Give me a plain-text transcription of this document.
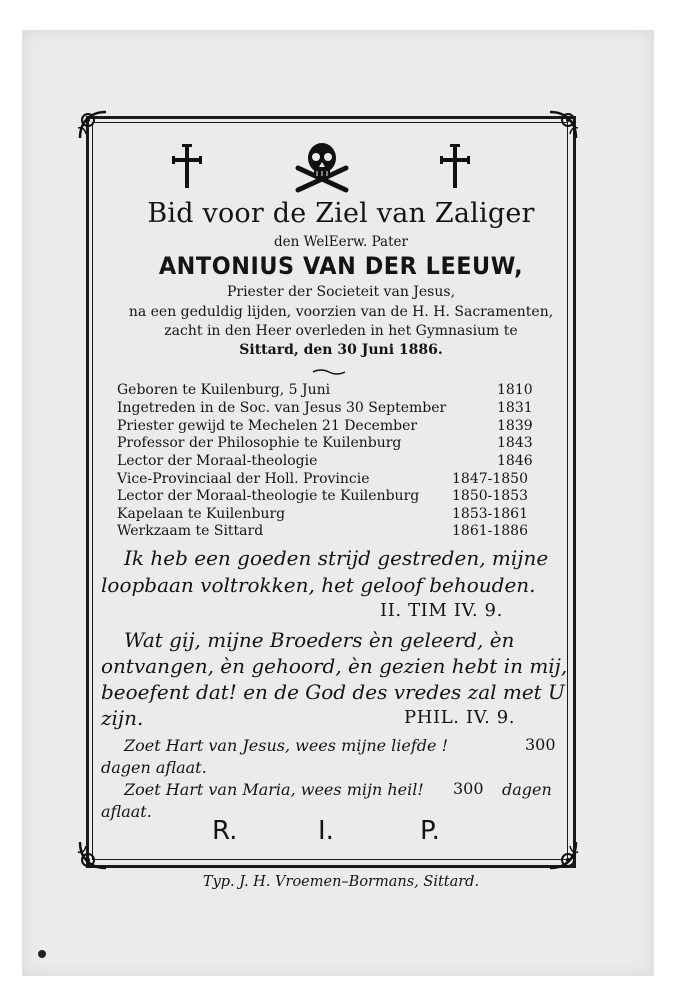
Bid voor de Ziel van Zaliger
den WelEerw. Pater
ANTONIUS VAN DER LEEUW,
Priester der Societeit van Jesus,
na een geduldig lijden, voorzien van de H. H. Sacramenten,
zacht in den Heer overleden in het Gymnasium te
Sittard, den 30 Juni 1886.
Geboren te Kuilenburg, 5 Juni	1810
Ingetreden in de Soc. van Jesus 30 September	1831
Priester gewijd te Mechelen 21 December	1839
Professor der Philosophie te Kuilenburg	1843
Lector der Moraal-theologie	1846
Vice-Provinciaal der Holl. Provincie	1847-1850
Lector der Moraal-theologie te Kuilenburg 1850-1853
Kapelaan te Kuilenburg	1853-1861
Werkzaam te Sittard	1861-1886
Ik heb een goeden strijd gestreden, mijne
loopbaan voltrokken, het geloof behouden.
II. TIM IV. 9.
Wat gij, mijne Broeders èn geleerd, èn
ontvangen, èn gehoord, èn gezien hebt in mij,
beoefent dat! en de God des vredes zal met U
zijn.	PHIL. IV. 9.
Zoet Hart van Jesus, wees mijne liefde !	300
dagen aflaat.
Zoet Hart van Maria, wees mijn heil! 300 dagen
aflaat.
R.	I.	P.
Typ. J. H. Vroemen–Bormans, Sittard.
